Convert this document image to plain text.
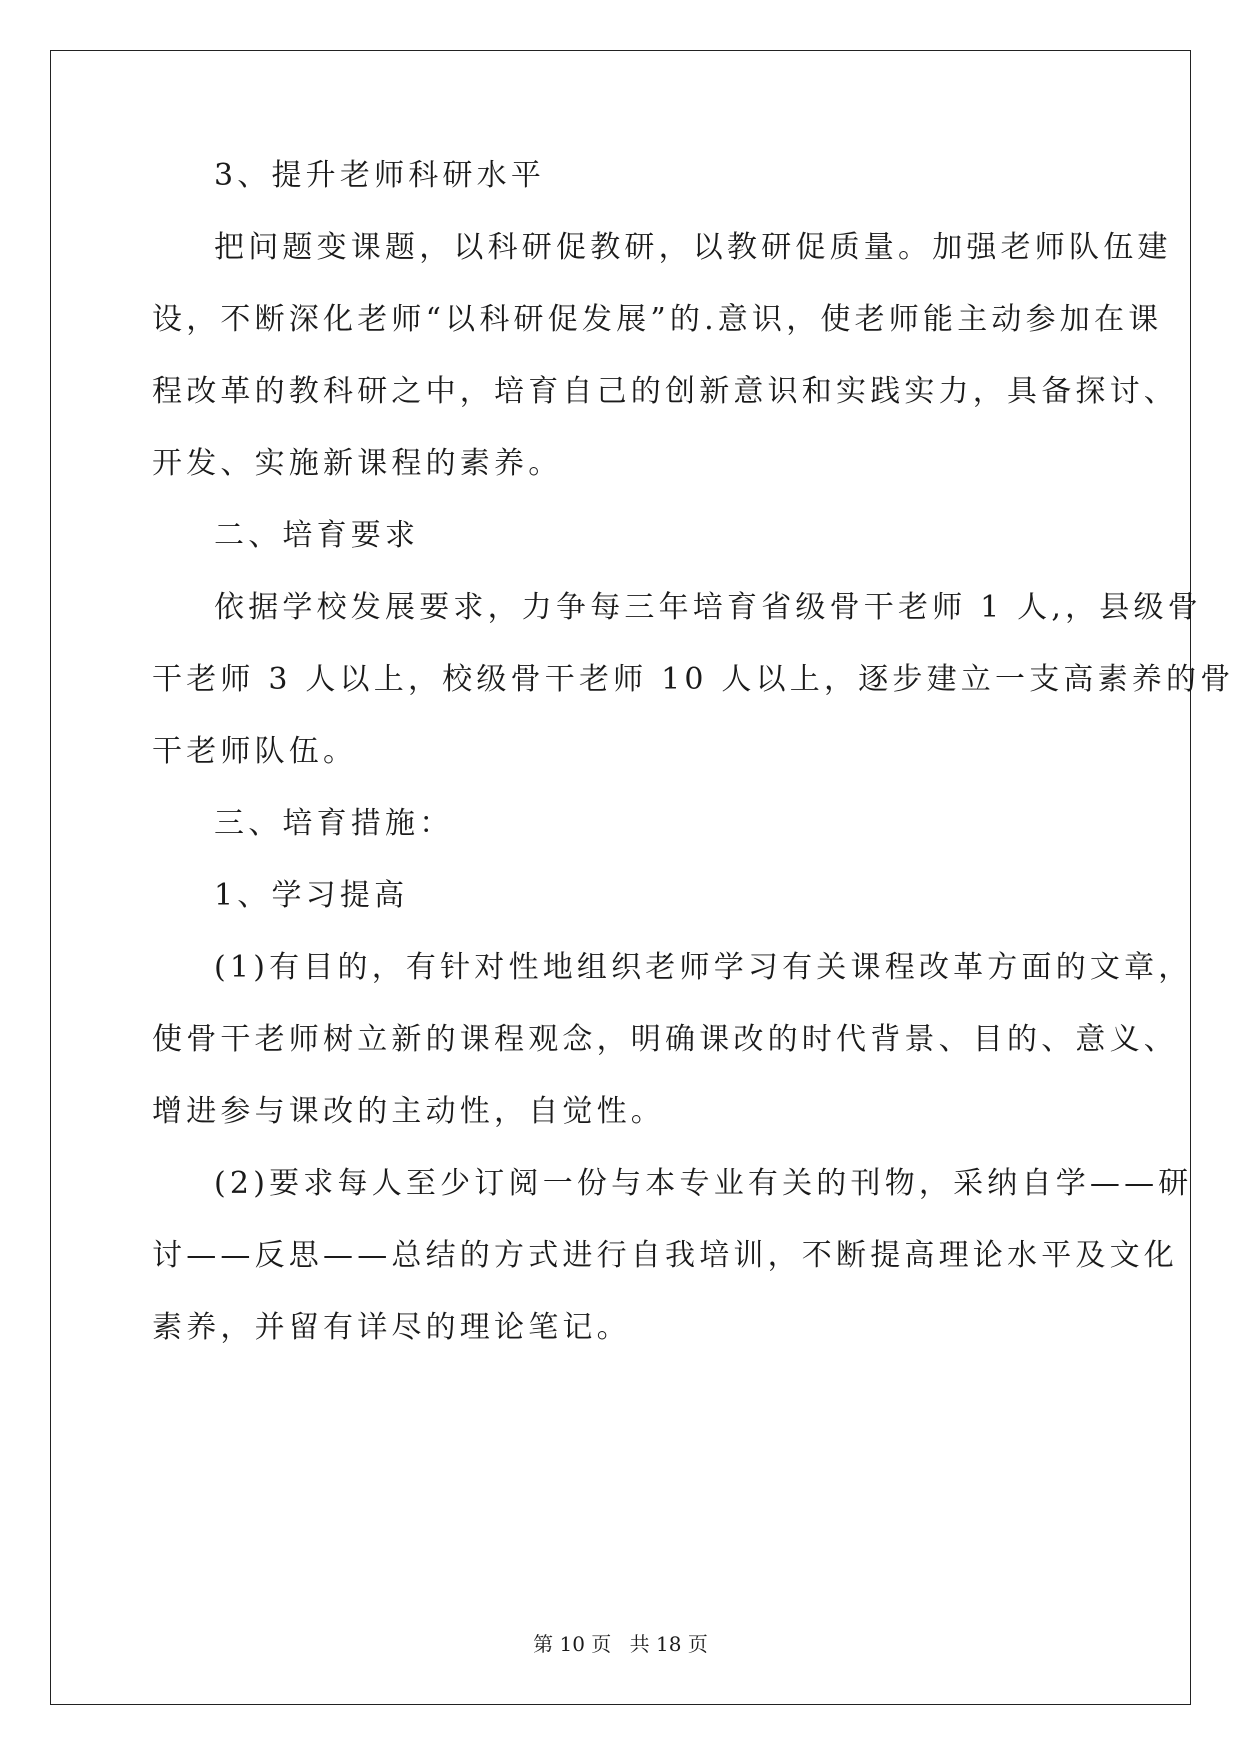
3、提升老师科研水平
把问题变课题，以科研促教研，以教研促质量。加强老师队伍建
设，不断深化老师“以科研促发展”的.意识，使老师能主动参加在课
程改革的教科研之中，培育自己的创新意识和实践实力，具备探讨、
开发、实施新课程的素养。
二、培育要求
依据学校发展要求，力争每三年培育省级骨干老师 1 人,，县级骨
干老师 3 人以上，校级骨干老师 10 人以上，逐步建立一支高素养的骨
干老师队伍。
三、培育措施：
1、学习提高
(1)有目的，有针对性地组织老师学习有关课程改革方面的文章，
使骨干老师树立新的课程观念，明确课改的时代背景、目的、意义、
增进参与课改的主动性，自觉性。
(2)要求每人至少订阅一份与本专业有关的刊物，采纳自学——研
讨——反思——总结的方式进行自我培训，不断提高理论水平及文化
素养，并留有详尽的理论笔记。
第 10 页 共 18 页
